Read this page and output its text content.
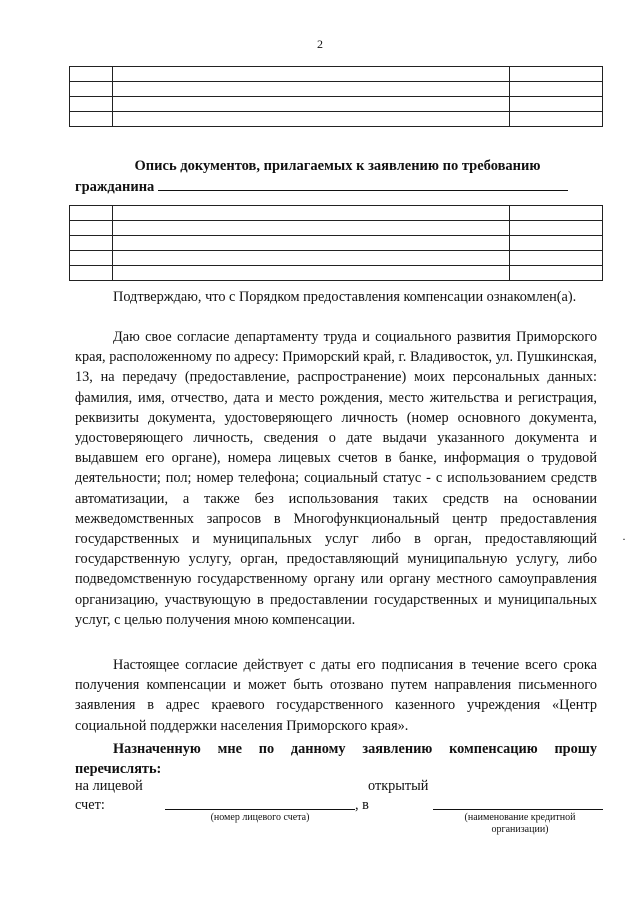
2

Опись документов, прилагаемых к заявлению по требованию
гражданина

Подтверждаю, что с Порядком предоставления компенсации ознакомлен(а).
Даю свое согласие департаменту труда и социального развития Приморского края, расположенному по адресу: Приморский край, г. Владивосток, ул. Пушкинская, 13, на передачу (предоставление, распространение) моих персональных данных: фамилия, имя, отчество, дата и место рождения, место жительства и регистрация, реквизиты документа, удостоверяющего личность (номер основного документа, удостоверяющего личность, сведения о дате выдачи указанного документа и выдавшем его органе), номера лицевых счетов в банке, информация о трудовой деятельности; пол; номер телефона; социальный статус - с использованием средств автоматизации, а также без использования таких средств на основании межведомственных запросов в Многофункциональный центр предоставления государственных и муниципальных услуг либо в орган, предоставляющий государственную услугу, орган, предоставляющий муниципальную услугу, либо подведомственную государственному органу или органу местного самоуправления организацию, участвующую в предоставлении государственных и муниципальных услуг, с целью получения мною компенсации.
Настоящее согласие действует с даты его подписания в течение всего срока получения компенсации и может быть отозвано путем направления письменного заявления в адрес краевого государственного казенного учреждения «Центр социальной поддержки населения Приморского края».
·
Назначенную мне по данному заявлению компенсацию прошу перечислять:
на лицевой
счет:	, в
открытый
(номер лицевого счета)	(наименование кредитной организации)
